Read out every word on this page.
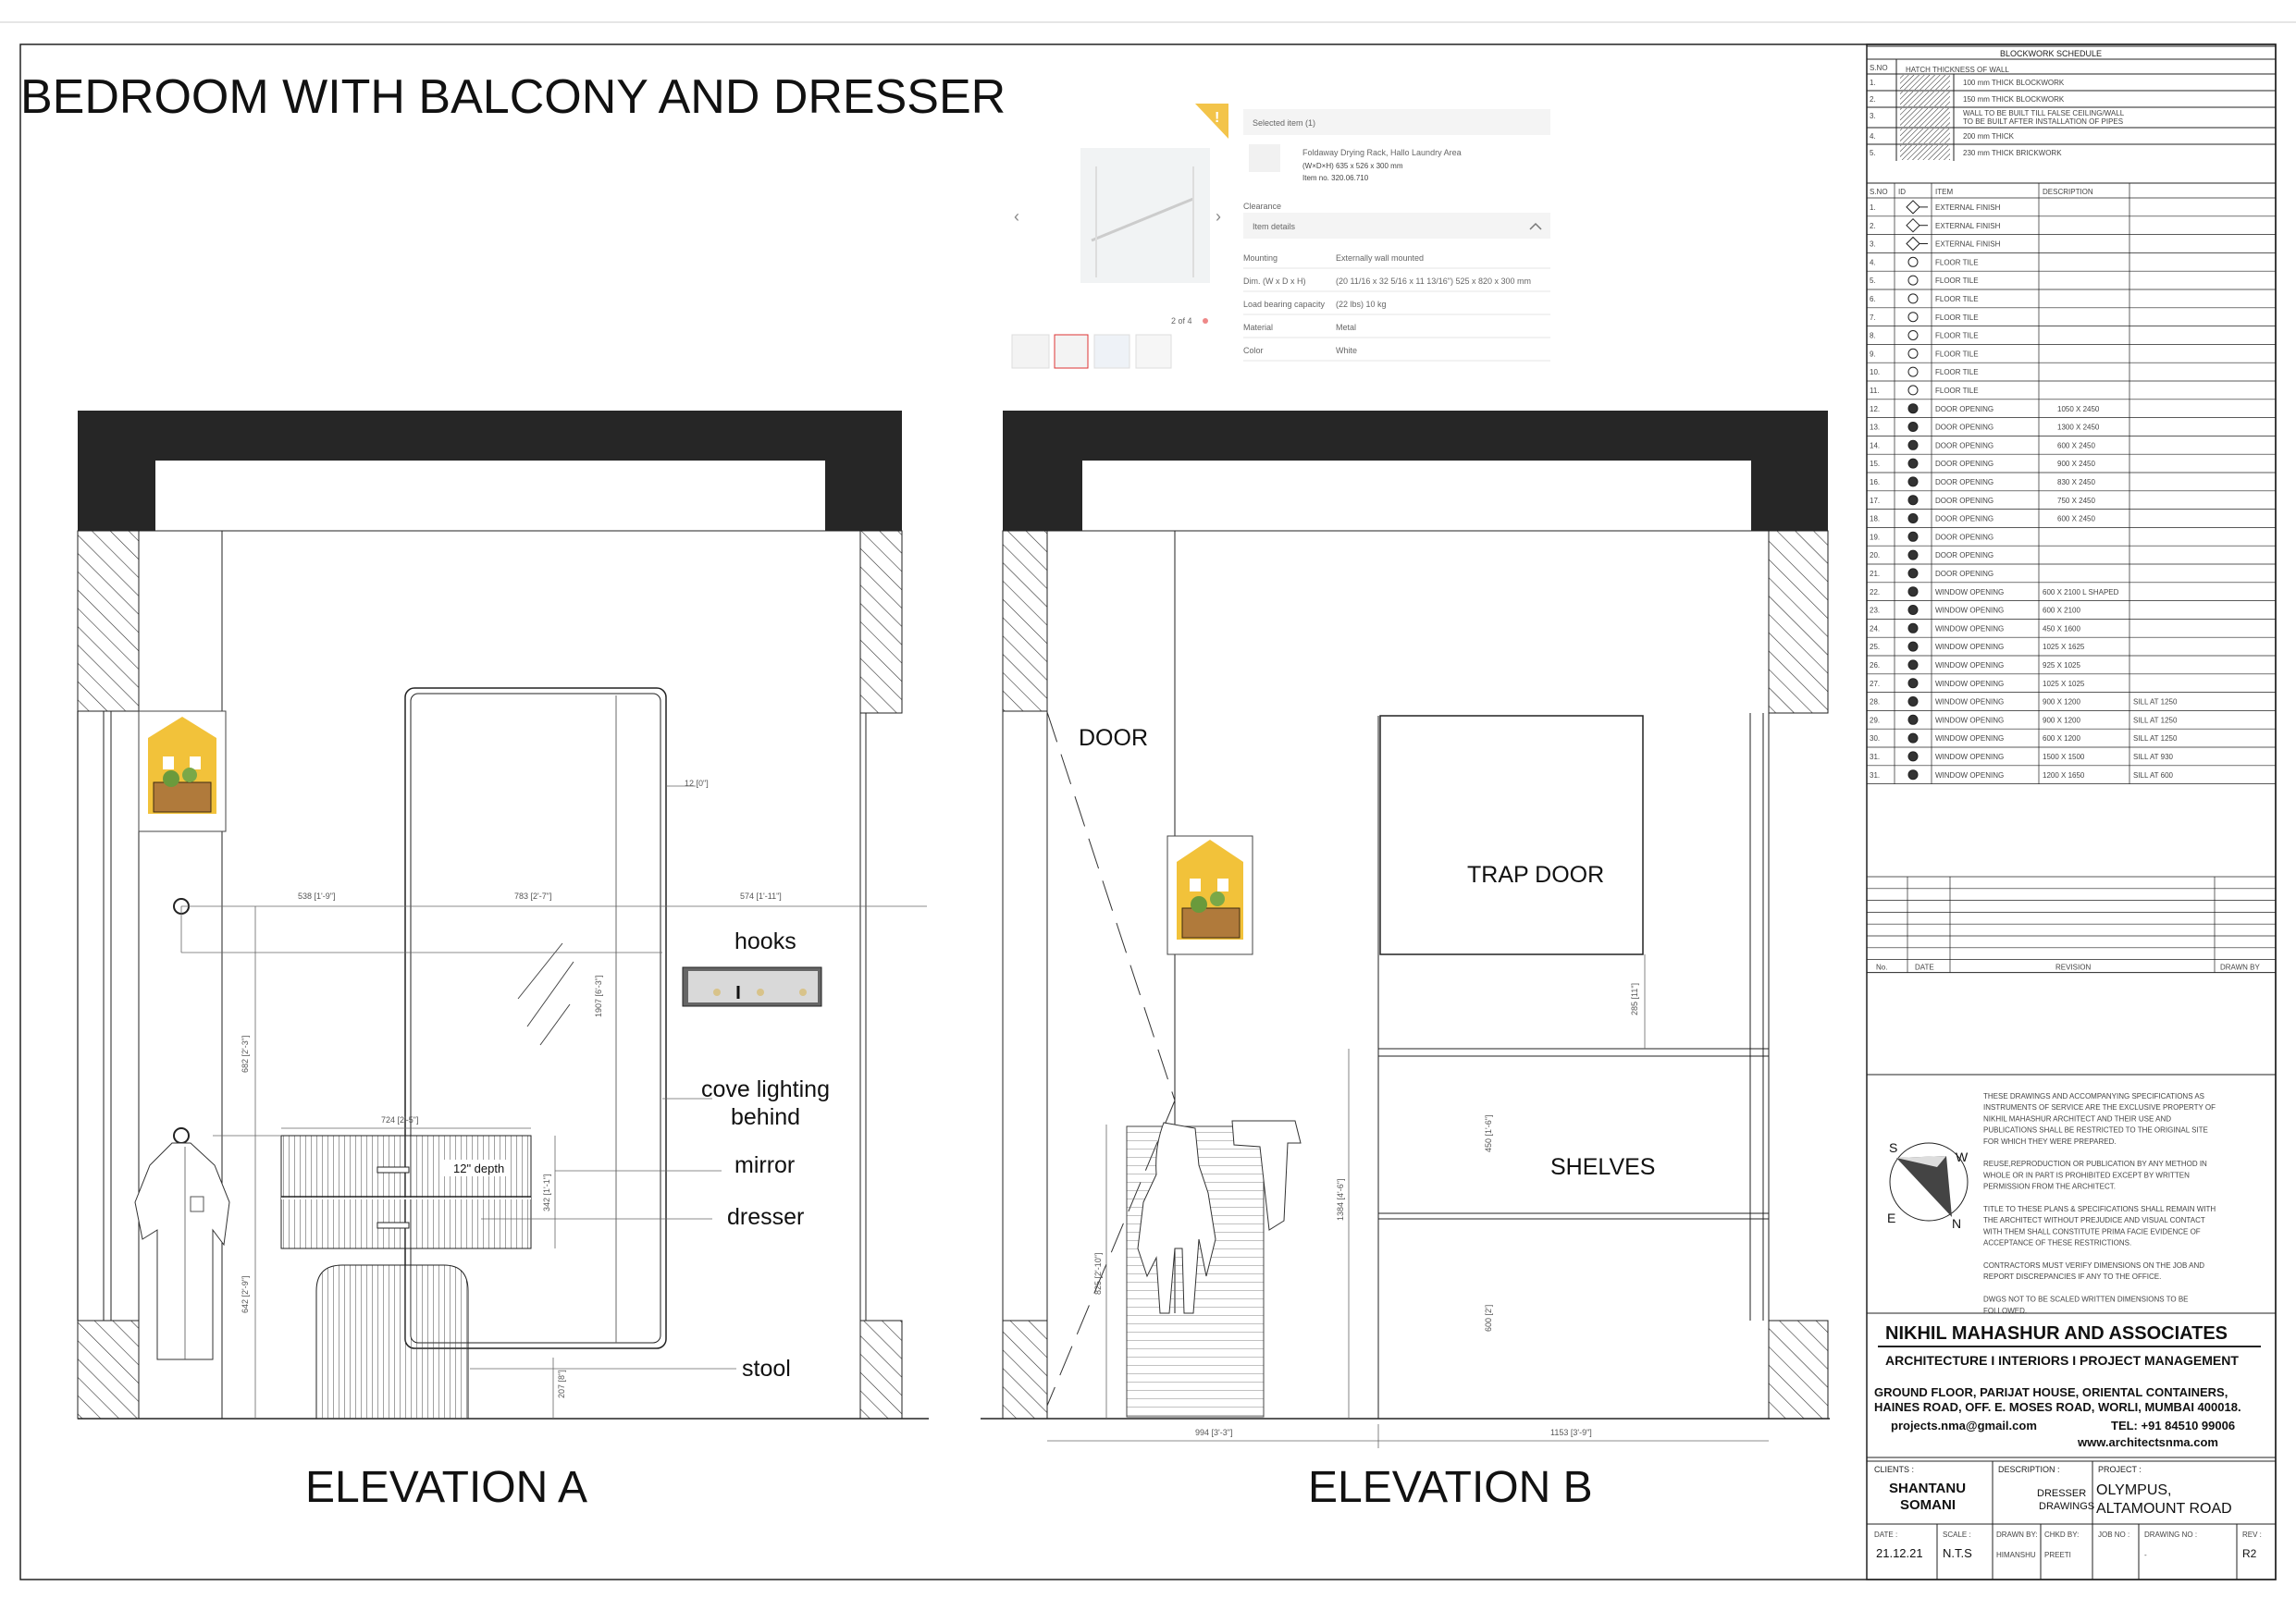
BEDROOM WITH BALCONY AND DRESSER	!
‹	›
2 of 4
Selected item (1)
Foldaway Drying Rack, Hallo Laundry Area
(W×D×H) 635 x 526 x 300 mm
Item no. 320.06.710
Clearance
Item details
Mounting	Externally wall mounted
Dim. (W x D x H)	(20 11/16 x 32 5/16 x 11 13/16") 525 x 820 x 300 mm
Load bearing capacity (22 lbs) 10 kg
Material	Metal
Color	White
538 [1'-9"]	783 [2'-7"]	574 [1'-11"]
12 [0"]
1907 [6'-3"]
682 [2'-3"]
724 [2'-5"]
342 [1'-1"]
642 [2'-9"]
207 [8"]
12" depth
hooks
cove lighting
behind
mirror
dresser
stool
ELEVATION A
994 [3'-3"]	1153 [3'-9"]
285 [11"]
450 [1'-6"]
1384 [4'-6"]
600 [2']
825 [2'-10"]
DOOR
TRAP DOOR
SHELVES
ELEVATION B
BLOCKWORK SCHEDULE
S.NO HATCH THICKNESS OF WALL
1.	100 mm THICK BLOCKWORK
2.	150 mm THICK BLOCKWORK
3.	WALL TO BE BUILT TILL FALSE CEILING/WALL
TO BE BUILT AFTER INSTALLATION OF PIPES
4.	200 mm THICK
5.	230 mm THICK BRICKWORK
S.NO ID	ITEM	DESCRIPTION
1.	EXTERNAL FINISH
2.	EXTERNAL FINISH
3.	EXTERNAL FINISH
4.	FLOOR TILE
5.	FLOOR TILE
6.	FLOOR TILE
7.	FLOOR TILE
8.	FLOOR TILE
9.	FLOOR TILE
10.	FLOOR TILE
11.	FLOOR TILE
12.	DOOR OPENING	1050 X 2450
13.	DOOR OPENING	1300 X 2450
14.	DOOR OPENING	600 X 2450
15.	DOOR OPENING	900 X 2450
16.	DOOR OPENING	830 X 2450
17.	DOOR OPENING	750 X 2450
18.	DOOR OPENING	600 X 2450
19.	DOOR OPENING
20.	DOOR OPENING
21.	DOOR OPENING
22.	WINDOW OPENING	600 X 2100 L SHAPED
23.	WINDOW OPENING	600 X 2100
24.	WINDOW OPENING	450 X 1600
25.	WINDOW OPENING	1025 X 1625
26.	WINDOW OPENING	925 X 1025
27.	WINDOW OPENING	1025 X 1025
28.	WINDOW OPENING	900 X 1200	SILL AT 1250
29.	WINDOW OPENING	900 X 1200	SILL AT 1250
30.	WINDOW OPENING	600 X 1200	SILL AT 1250
31.	WINDOW OPENING	1500 X 1500	SILL AT 930
31.	WINDOW OPENING	1200 X 1650	SILL AT 600
No.	DATE	REVISION	DRAWN BY
S
W
E	N
THESE DRAWINGS AND ACCOMPANYING SPECIFICATIONS AS
INSTRUMENTS OF SERVICE ARE THE EXCLUSIVE PROPERTY OF
NIKHIL MAHASHUR ARCHITECT AND THEIR USE AND
PUBLICATIONS SHALL BE RESTRICTED TO THE ORIGINAL SITE
FOR WHICH THEY WERE PREPARED.
REUSE,REPRODUCTION OR PUBLICATION BY ANY METHOD IN
WHOLE OR IN PART IS PROHIBITED EXCEPT BY WRITTEN
PERMISSION FROM THE ARCHITECT.
TITLE TO THESE PLANS & SPECIFICATIONS SHALL REMAIN WITH
THE ARCHITECT WITHOUT PREJUDICE AND VISUAL CONTACT
WITH THEM SHALL CONSTITUTE PRIMA FACIE EVIDENCE OF
ACCEPTANCE OF THESE RESTRICTIONS.
CONTRACTORS MUST VERIFY DIMENSIONS ON THE JOB AND
REPORT DISCREPANCIES IF ANY TO THE OFFICE.
DWGS NOT TO BE SCALED WRITTEN DIMENSIONS TO BE
FOLLOWED.
NIKHIL MAHASHUR AND ASSOCIATES
ARCHITECTURE I INTERIORS I PROJECT MANAGEMENT
GROUND FLOOR, PARIJAT HOUSE, ORIENTAL CONTAINERS,
HAINES ROAD, OFF. E. MOSES ROAD, WORLI, MUMBAI 400018.
projects.nma@gmail.com	TEL: +91 84510 99006
www.architectsnma.com
CLIENTS :
SHANTANU
SOMANI
DESCRIPTION :
DRESSER
DRAWINGS
PROJECT :
OLYMPUS,
ALTAMOUNT ROAD
DATE :
21.12.21
SCALE :
N.T.S
DRAWN BY:
HIMANSHU
CHKD BY:
PREETI
JOB NO : DRAWING NO :
-
REV :
R2
